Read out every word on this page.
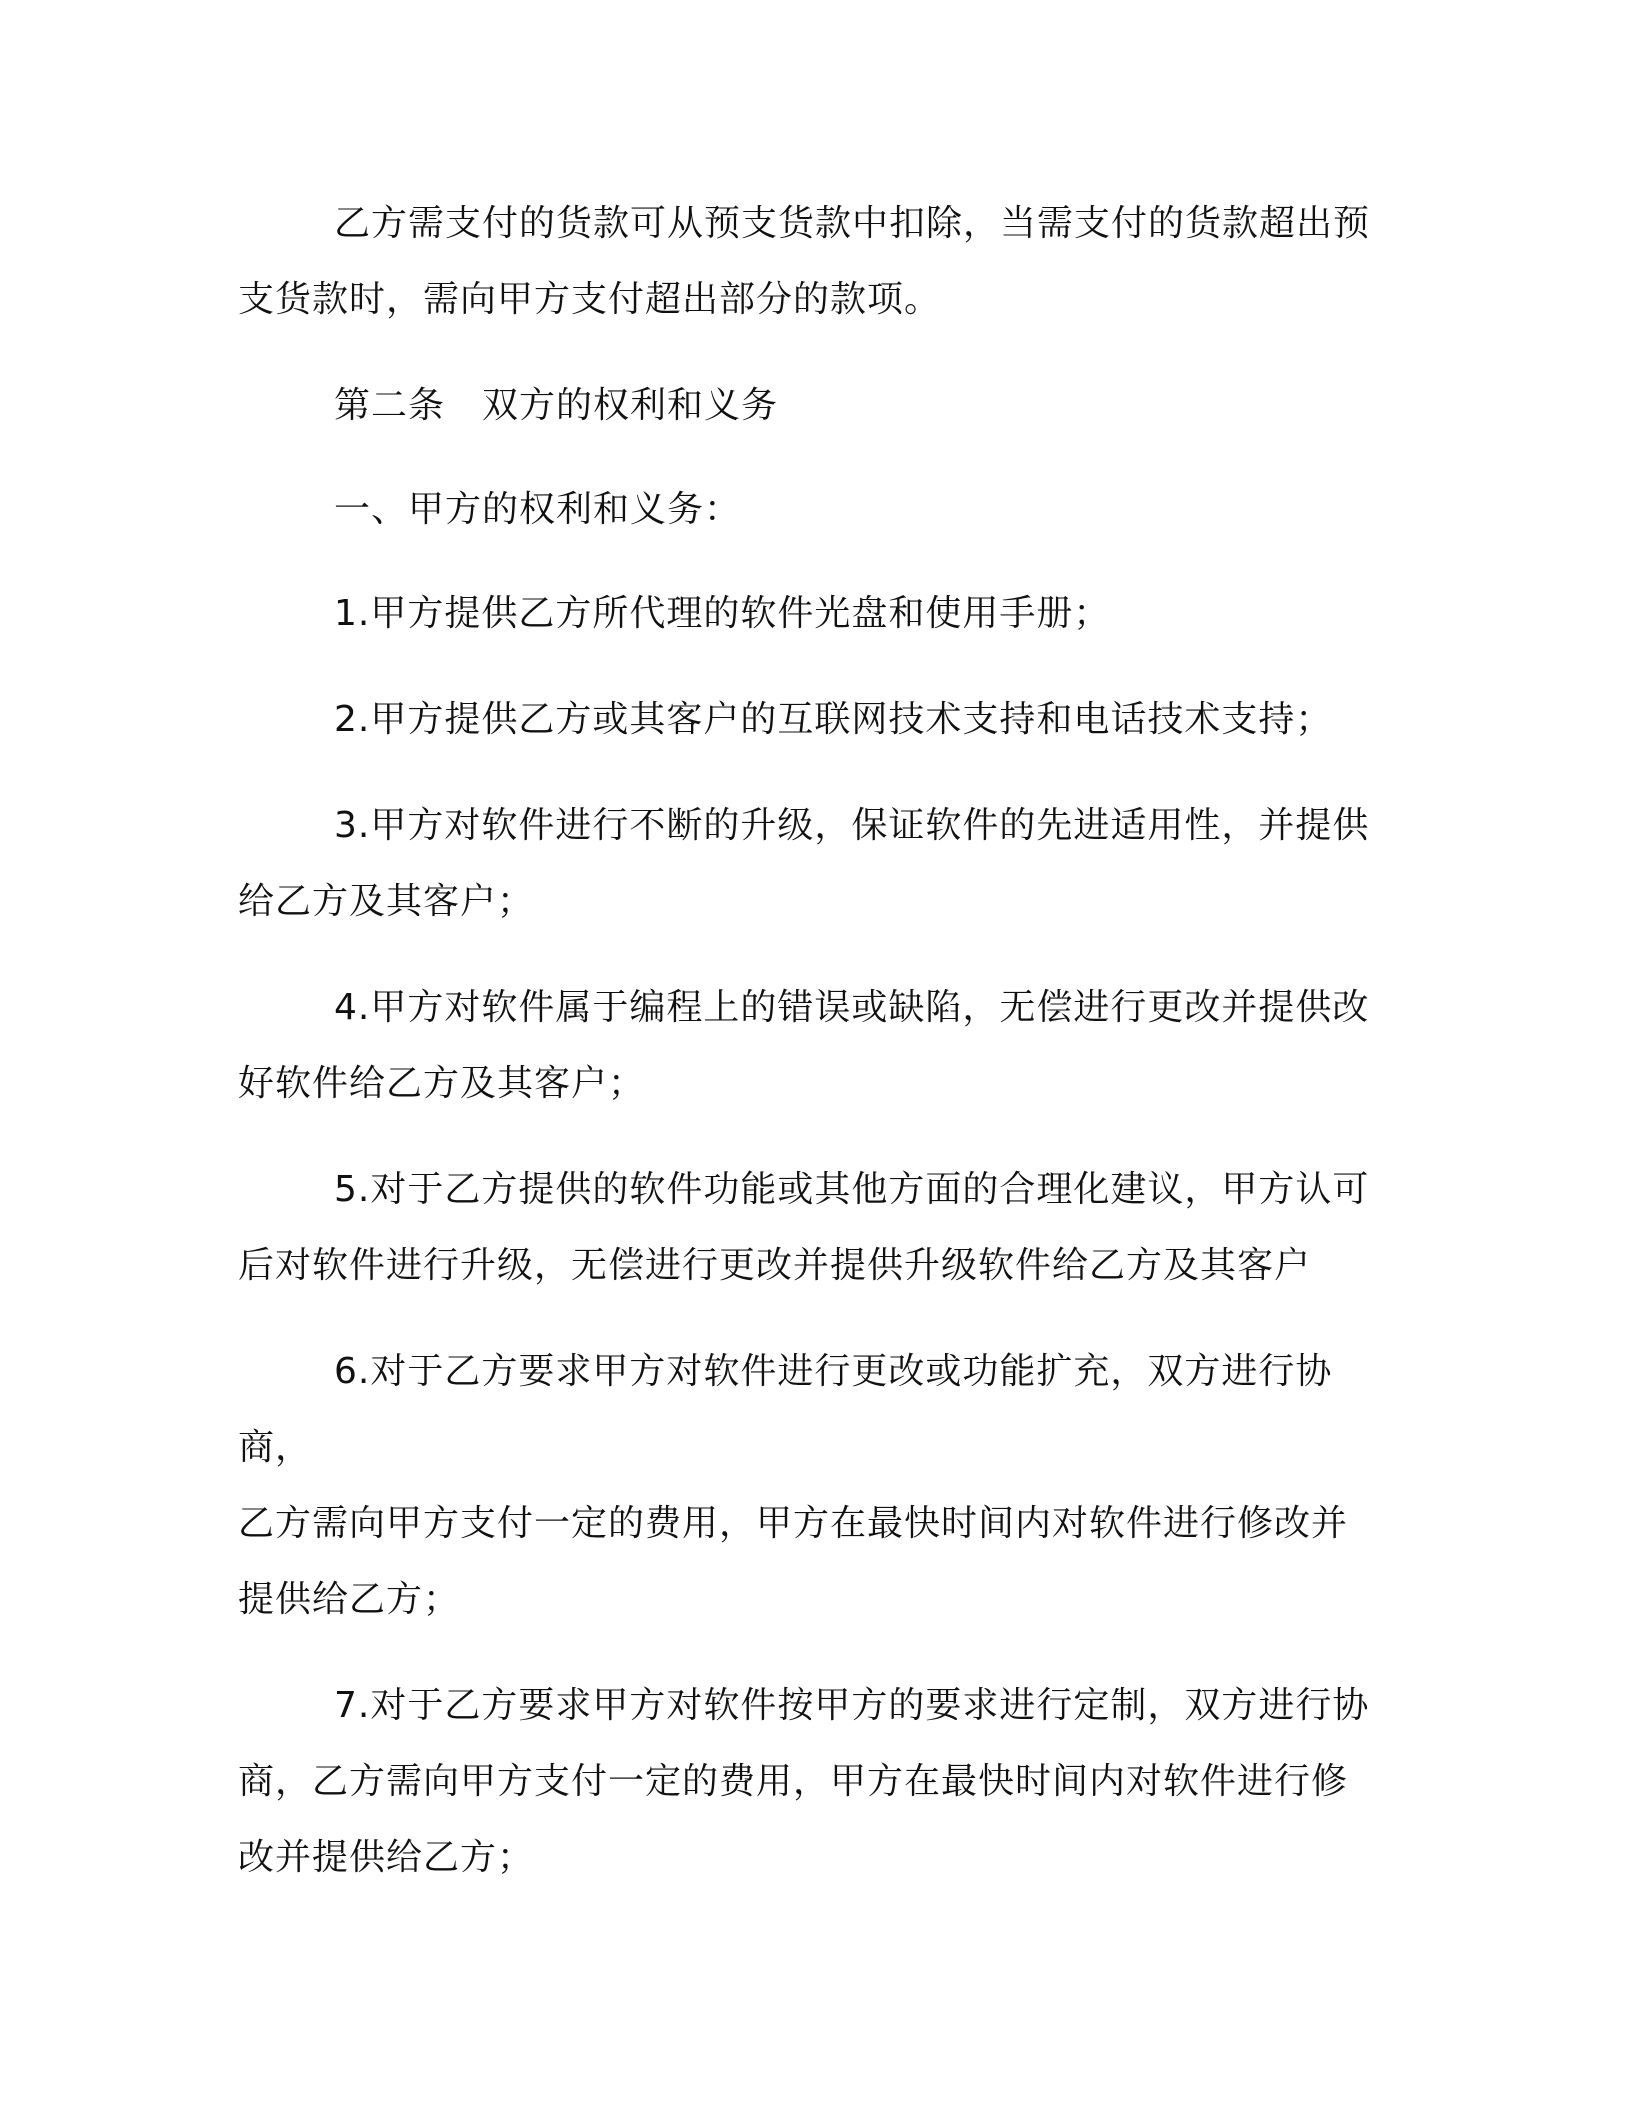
乙方需支付的货款可从预支货款中扣除，当需支付的货款超出预
支货款时，需向甲方支付超出部分的款项。

第二条　双方的权利和义务

一、甲方的权利和义务：

1.甲方提供乙方所代理的软件光盘和使用手册；

2.甲方提供乙方或其客户的互联网技术支持和电话技术支持；

3.甲方对软件进行不断的升级，保证软件的先进适用性，并提供
给乙方及其客户；

4.甲方对软件属于编程上的错误或缺陷，无偿进行更改并提供改
好软件给乙方及其客户；

5.对于乙方提供的软件功能或其他方面的合理化建议，甲方认可
后对软件进行升级，无偿进行更改并提供升级软件给乙方及其客户

6.对于乙方要求甲方对软件进行更改或功能扩充，双方进行协商，
乙方需向甲方支付一定的费用，甲方在最快时间内对软件进行修改并
提供给乙方；

7.对于乙方要求甲方对软件按甲方的要求进行定制，双方进行协
商，乙方需向甲方支付一定的费用，甲方在最快时间内对软件进行修
改并提供给乙方；
